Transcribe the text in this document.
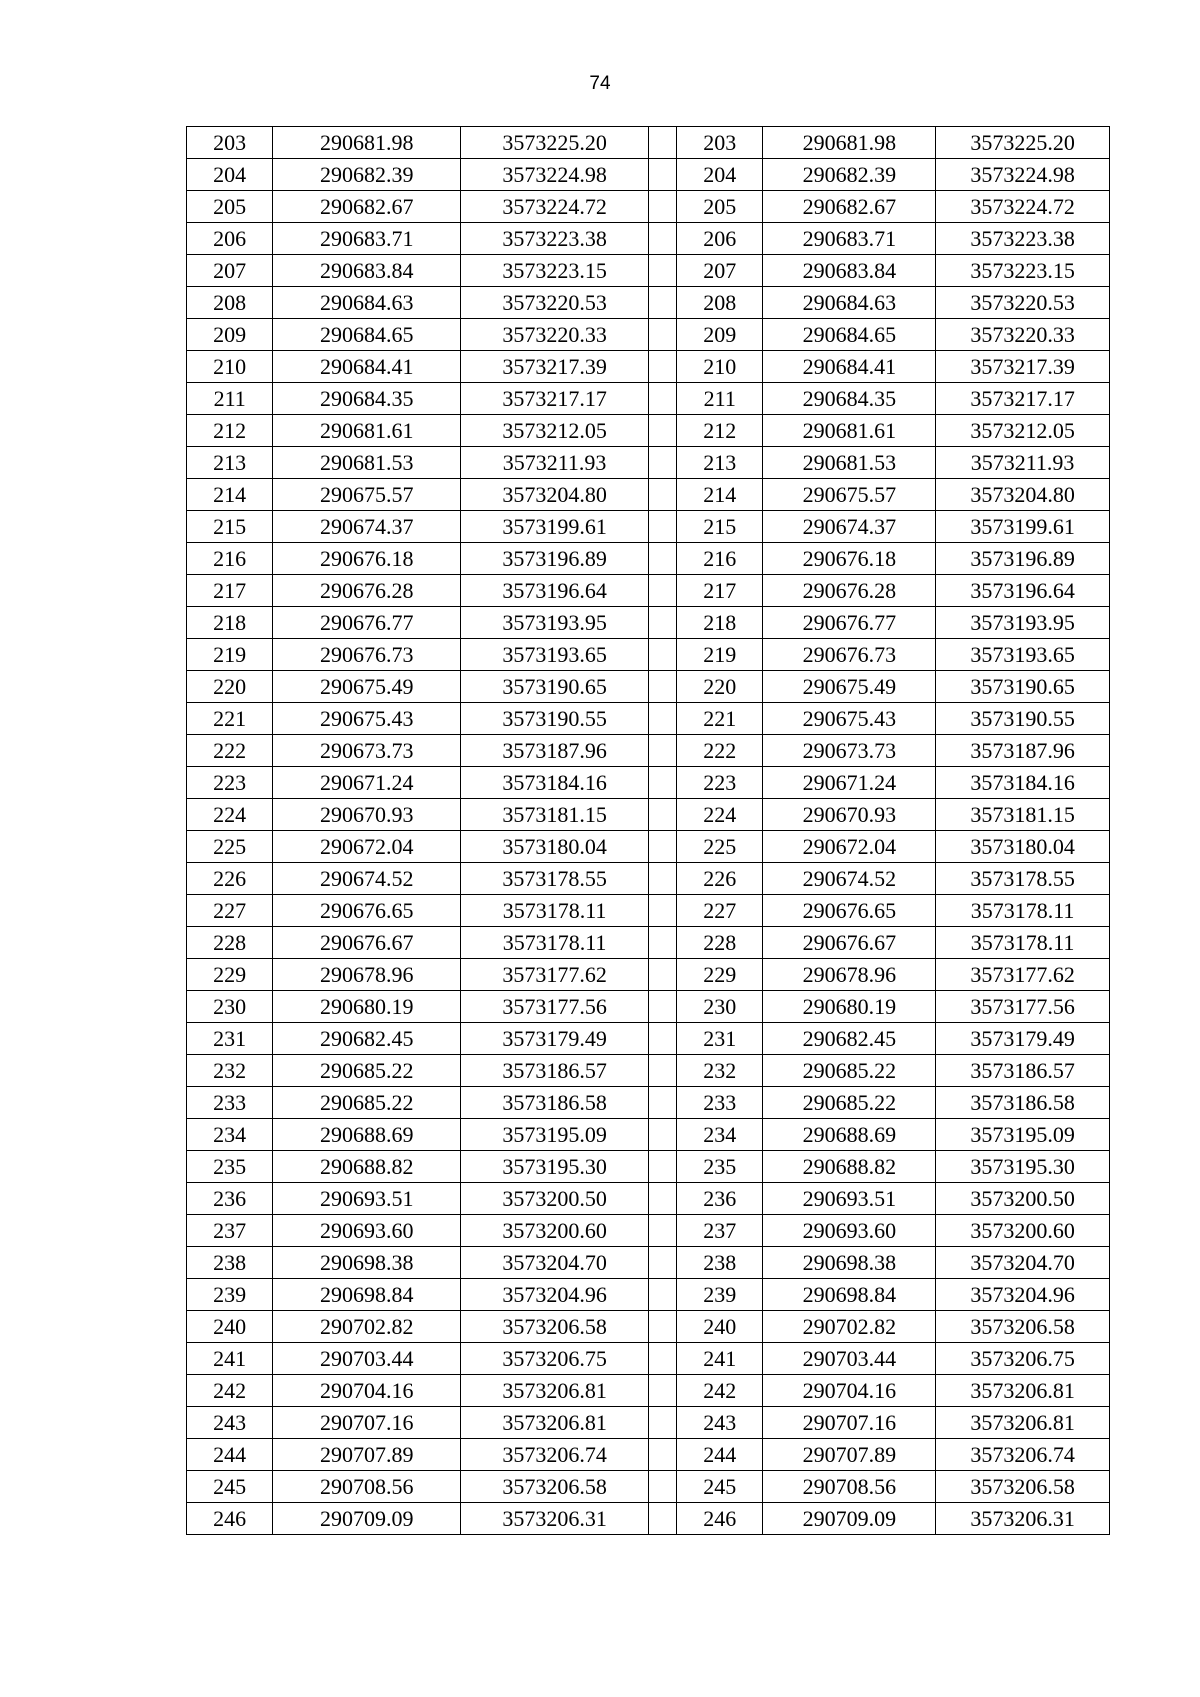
74
203	290681.98	3573225.20		203	290681.98	3573225.20
204	290682.39	3573224.98		204	290682.39	3573224.98
205	290682.67	3573224.72		205	290682.67	3573224.72
206	290683.71	3573223.38		206	290683.71	3573223.38
207	290683.84	3573223.15		207	290683.84	3573223.15
208	290684.63	3573220.53		208	290684.63	3573220.53
209	290684.65	3573220.33		209	290684.65	3573220.33
210	290684.41	3573217.39		210	290684.41	3573217.39
211	290684.35	3573217.17		211	290684.35	3573217.17
212	290681.61	3573212.05		212	290681.61	3573212.05
213	290681.53	3573211.93		213	290681.53	3573211.93
214	290675.57	3573204.80		214	290675.57	3573204.80
215	290674.37	3573199.61		215	290674.37	3573199.61
216	290676.18	3573196.89		216	290676.18	3573196.89
217	290676.28	3573196.64		217	290676.28	3573196.64
218	290676.77	3573193.95		218	290676.77	3573193.95
219	290676.73	3573193.65		219	290676.73	3573193.65
220	290675.49	3573190.65		220	290675.49	3573190.65
221	290675.43	3573190.55		221	290675.43	3573190.55
222	290673.73	3573187.96		222	290673.73	3573187.96
223	290671.24	3573184.16		223	290671.24	3573184.16
224	290670.93	3573181.15		224	290670.93	3573181.15
225	290672.04	3573180.04		225	290672.04	3573180.04
226	290674.52	3573178.55		226	290674.52	3573178.55
227	290676.65	3573178.11		227	290676.65	3573178.11
228	290676.67	3573178.11		228	290676.67	3573178.11
229	290678.96	3573177.62		229	290678.96	3573177.62
230	290680.19	3573177.56		230	290680.19	3573177.56
231	290682.45	3573179.49		231	290682.45	3573179.49
232	290685.22	3573186.57		232	290685.22	3573186.57
233	290685.22	3573186.58		233	290685.22	3573186.58
234	290688.69	3573195.09		234	290688.69	3573195.09
235	290688.82	3573195.30		235	290688.82	3573195.30
236	290693.51	3573200.50		236	290693.51	3573200.50
237	290693.60	3573200.60		237	290693.60	3573200.60
238	290698.38	3573204.70		238	290698.38	3573204.70
239	290698.84	3573204.96		239	290698.84	3573204.96
240	290702.82	3573206.58		240	290702.82	3573206.58
241	290703.44	3573206.75		241	290703.44	3573206.75
242	290704.16	3573206.81		242	290704.16	3573206.81
243	290707.16	3573206.81		243	290707.16	3573206.81
244	290707.89	3573206.74		244	290707.89	3573206.74
245	290708.56	3573206.58		245	290708.56	3573206.58
246	290709.09	3573206.31		246	290709.09	3573206.31
